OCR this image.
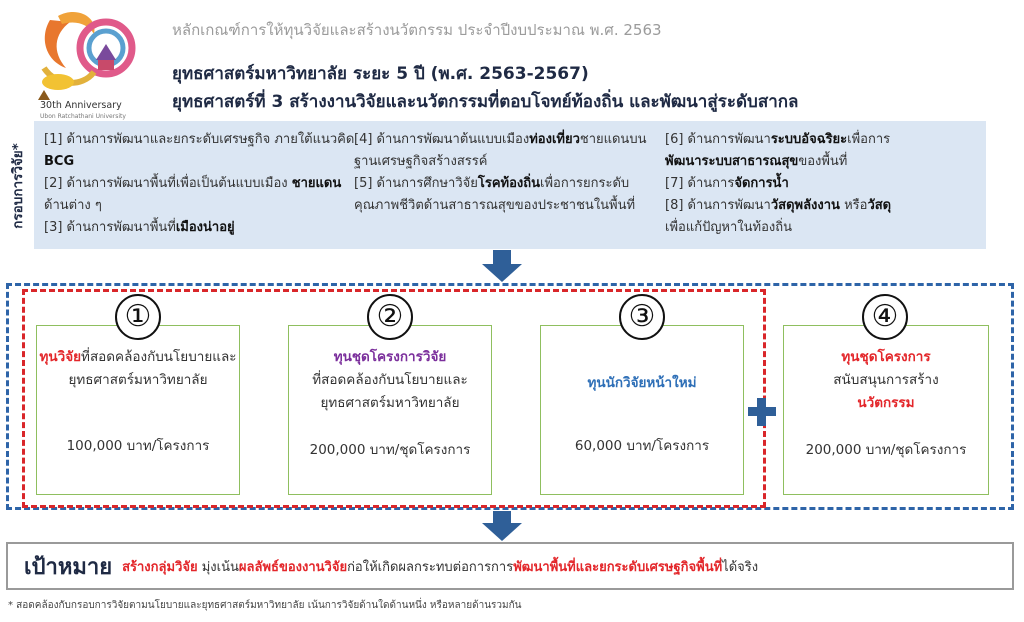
30th Anniversary
Ubon Ratchathani University
หลักเกณฑ์การให้ทุนวิจัยและสร้างนวัตกรรม ประจำปีงบประมาณ พ.ศ. 2563
ยุทธศาสตร์มหาวิทยาลัย ระยะ 5 ปี (พ.ศ. 2563-2567)
ยุทธศาสตร์ที่ 3 สร้างงานวิจัยและนวัตกรรมที่ตอบโจทย์ท้องถิ่น และพัฒนาสู่ระดับสากล
กรอบการวิจัย*
[1] ด้านการพัฒนาและยกระดับเศรษฐกิจ ภายใต้แนวคิด BCG
[2] ด้านการพัฒนาพื้นที่เพื่อเป็นต้นแบบเมือง ชายแดนด้านต่าง ๆ
[3] ด้านการพัฒนาพื้นที่เมืองน่าอยู่
[4] ด้านการพัฒนาต้นแบบเมืองท่องเที่ยวชายแดนบนฐานเศรษฐกิจสร้างสรรค์
[5] ด้านการศึกษาวิจัยโรคท้องถิ่นเพื่อการยกระดับคุณภาพชีวิตด้านสาธารณสุขของประชาชนในพื้นที่
[6] ด้านการพัฒนาระบบอัจฉริยะเพื่อการ
พัฒนาระบบสาธารณสุขของพื้นที่
[7] ด้านการจัดการน้ำ
[8] ด้านการพัฒนาวัสดุพลังงาน หรือวัสดุ
เพื่อแก้ปัญหาในท้องถิ่น
ทุนวิจัยที่สอดคล้องกับนโยบายและยุทธศาสตร์มหาวิทยาลัย
100,000 บาท/โครงการ
①
ทุนชุดโครงการวิจัย
ที่สอดคล้องกับนโยบายและยุทธศาสตร์มหาวิทยาลัย
200,000 บาท/ชุดโครงการ
②
ทุนนักวิจัยหน้าใหม่
60,000 บาท/โครงการ
③
ทุนชุดโครงการ
สนับสนุนการสร้าง
นวัตกรรม
200,000 บาท/ชุดโครงการ
④
เป้าหมาย สร้างกลุ่มวิจัย มุ่งเน้นผลลัพธ์ของงานวิจัยก่อให้เกิดผลกระทบต่อการการพัฒนาพื้นที่และยกระดับเศรษฐกิจพื้นที่ได้จริง
* สอดคล้องกับกรอบการวิจัยตามนโยบายและยุทธศาสตร์มหาวิทยาลัย เน้นการวิจัยด้านใดด้านหนึ่ง หรือหลายด้านรวมกัน
